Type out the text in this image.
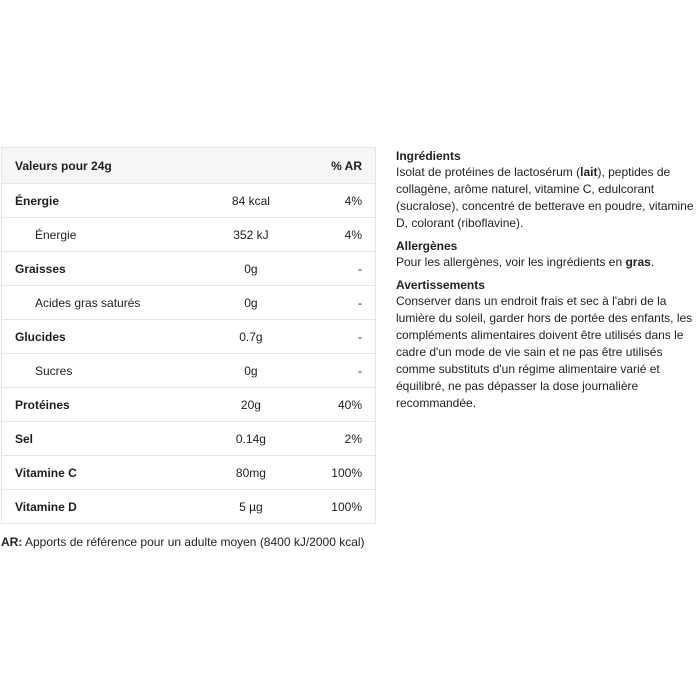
Valeurs pour 24g		% AR
Énergie	84 kcal	4%
Énergie	352 kJ	4%
Graisses	0g	-
Acides gras saturés	0g	-
Glucides	0.7g	-
Sucres	0g	-
Protéines	20g	40%
Sel	0.14g	2%
Vitamine C	80mg	100%
Vitamine D	5 µg	100%
AR: Apports de référence pour un adulte moyen (8400 kJ/2000 kcal)
Ingrédients

Isolat de protéines de lactosérum (lait), peptides de collagène, arôme naturel, vitamine C, edulcorant (sucralose), concentré de betterave en poudre, vitamine D, colorant (riboflavine).

Allergènes

Pour les allergènes, voir les ingrédients en gras.

Avertissements

Conserver dans un endroit frais et sec à l'abri de la lumière du soleil, garder hors de portée des enfants, les compléments alimentaires doivent être utilisés dans le cadre d'un mode de vie sain et ne pas être utilisés comme substituts d'un régime alimentaire varié et équilibré, ne pas dépasser la dose journalière recommandée.
